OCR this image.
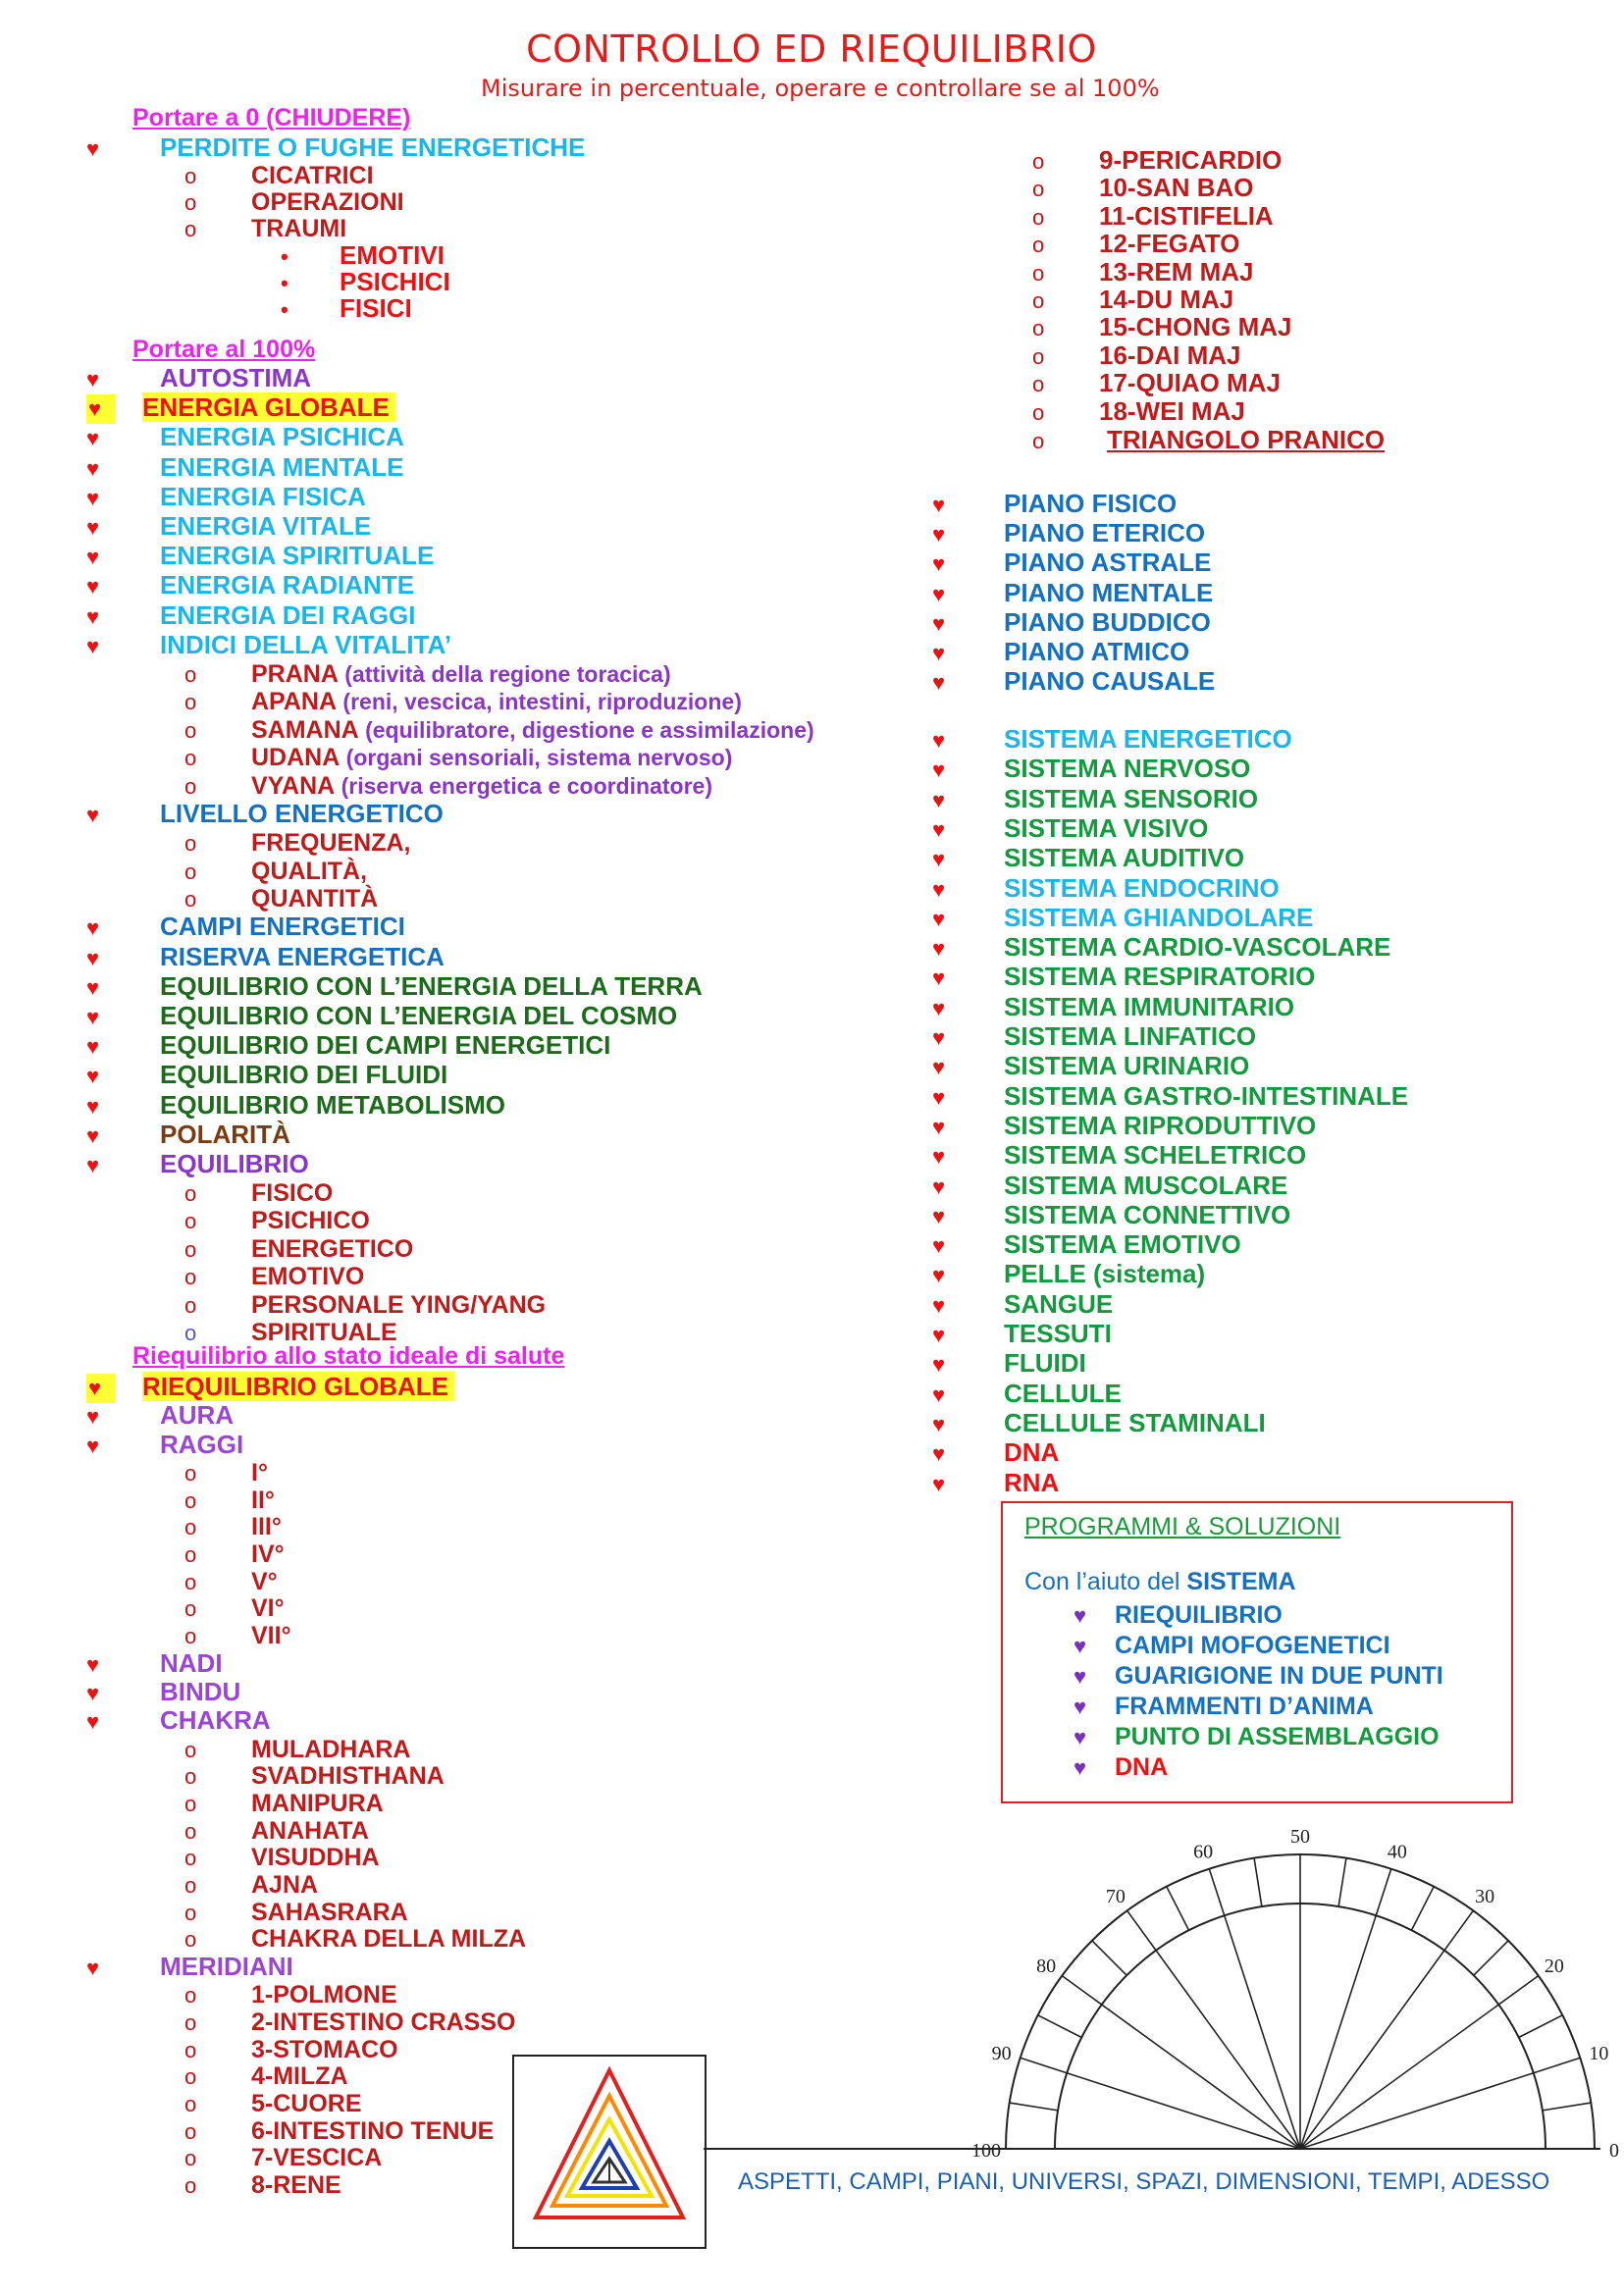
CONTROLLO ED RIEQUILIBRIO
Misurare in percentuale, operare e controllare se al 100%
Portare a 0 (CHIUDERE)
♥ PERDITE O FUGHE ENERGETICHE
o CICATRICI
o OPERAZIONI
o TRAUMI
• EMOTIVI
• PSICHICI
• FISICI
Portare al 100%
♥ AUTOSTIMA
♥ ENERGIA GLOBALE
♥ ENERGIA PSICHICA
♥ ENERGIA MENTALE
♥ ENERGIA FISICA
♥ ENERGIA VITALE
♥ ENERGIA SPIRITUALE
♥ ENERGIA RADIANTE
♥ ENERGIA DEI RAGGI
♥ INDICI DELLA VITALITA’
o PRANA (attività della regione toracica)
o APANA (reni, vescica, intestini, riproduzione)
o SAMANA (equilibratore, digestione e assimilazione)
o UDANA (organi sensoriali, sistema nervoso)
o VYANA (riserva energetica e coordinatore)
♥ LIVELLO ENERGETICO
o FREQUENZA,
o QUALITÀ,
o QUANTITÀ
♥ CAMPI ENERGETICI
♥ RISERVA ENERGETICA
♥ EQUILIBRIO CON L’ENERGIA DELLA TERRA
♥ EQUILIBRIO CON L’ENERGIA DEL COSMO
♥ EQUILIBRIO DEI CAMPI ENERGETICI
♥ EQUILIBRIO DEI FLUIDI
♥ EQUILIBRIO METABOLISMO
♥ POLARITÀ
♥ EQUILIBRIO
o FISICO
o PSICHICO
o ENERGETICO
o EMOTIVO
o PERSONALE YING/YANG
o SPIRITUALE
Riequilibrio allo stato ideale di salute
♥ RIEQUILIBRIO GLOBALE
♥ AURA
♥ RAGGI
o I°
o II°
o III°
o IV°
o V°
o VI°
o VII°
♥ NADI
♥ BINDU
♥ CHAKRA
o MULADHARA
o SVADHISTHANA
o MANIPURA
o ANAHATA
o VISUDDHA
o AJNA
o SAHASRARA
o CHAKRA DELLA MILZA
♥ MERIDIANI
o 1-POLMONE
o 2-INTESTINO CRASSO
o 3-STOMACO
o 4-MILZA
o 5-CUORE
o 6-INTESTINO TENUE
o 7-VESCICA
o 8-RENE
o 9-PERICARDIO
o 10-SAN BAO
o 11-CISTIFELIA
o 12-FEGATO
o 13-REM MAJ
o 14-DU MAJ
o 15-CHONG MAJ
o 16-DAI MAJ
o 17-QUIAO MAJ
o 18-WEI MAJ
o TRIANGOLO PRANICO
♥ PIANO FISICO
♥ PIANO ETERICO
♥ PIANO ASTRALE
♥ PIANO MENTALE
♥ PIANO BUDDICO
♥ PIANO ATMICO
♥ PIANO CAUSALE
♥ SISTEMA ENERGETICO
♥ SISTEMA NERVOSO
♥ SISTEMA SENSORIO
♥ SISTEMA VISIVO
♥ SISTEMA AUDITIVO
♥ SISTEMA ENDOCRINO
♥ SISTEMA GHIANDOLARE
♥ SISTEMA CARDIO-VASCOLARE
♥ SISTEMA RESPIRATORIO
♥ SISTEMA IMMUNITARIO
♥ SISTEMA LINFATICO
♥ SISTEMA URINARIO
♥ SISTEMA GASTRO-INTESTINALE
♥ SISTEMA RIPRODUTTIVO
♥ SISTEMA SCHELETRICO
♥ SISTEMA MUSCOLARE
♥ SISTEMA CONNETTIVO
♥ SISTEMA EMOTIVO
♥ PELLE (sistema)
♥ SANGUE
♥ TESSUTI
♥ FLUIDI
♥ CELLULE
♥ CELLULE STAMINALI
♥ DNA
♥ RNA
PROGRAMMI & SOLUZIONI
Con l’aiuto del SISTEMA
♥ RIEQUILIBRIO
♥ CAMPI MOFOGENETICI
♥ GUARIGIONE IN DUE PUNTI
♥ FRAMMENTI D’ANIMA
♥ PUNTO DI ASSEMBLAGGIO
♥ DNA
0
10
20
30
40
50
60
70
80
90
100
ASPETTI, CAMPI, PIANI, UNIVERSI, SPAZI, DIMENSIONI, TEMPI, ADESSO
